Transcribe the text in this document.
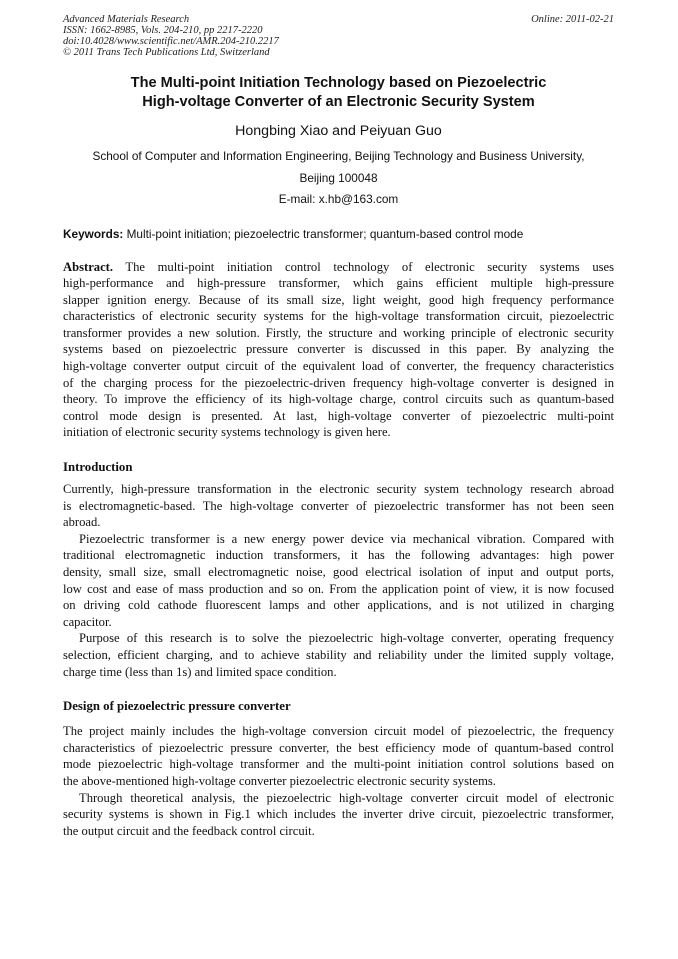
Advanced Materials Research	Online: 2011-02-21
ISSN: 1662-8985, Vols. 204-210, pp 2217-2220
doi:10.4028/www.scientific.net/AMR.204-210.2217
© 2011 Trans Tech Publications Ltd, Switzerland
The Multi-point Initiation Technology based on Piezoelectric
High-voltage Converter of an Electronic Security System
Hongbing Xiao and Peiyuan Guo
School of Computer and Information Engineering, Beijing Technology and Business University,
Beijing 100048
E-mail: x.hb@163.com
Keywords: Multi-point initiation; piezoelectric transformer; quantum-based control mode
Abstract. The multi-point initiation control technology of electronic security systems uses
high-performance and high-pressure transformer, which gains efficient multiple high-pressure
slapper ignition energy. Because of its small size, light weight, good high frequency performance
characteristics of electronic security systems for the high-voltage transformation circuit, piezoelectric
transformer provides a new solution. Firstly, the structure and working principle of electronic security
systems based on piezoelectric pressure converter is discussed in this paper. By analyzing the
high-voltage converter output circuit of the equivalent load of converter, the frequency characteristics
of the charging process for the piezoelectric-driven frequency high-voltage converter is designed in
theory. To improve the efficiency of its high-voltage charge, control circuits such as quantum-based
control mode design is presented. At last, high-voltage converter of piezoelectric multi-point
initiation of electronic security systems technology is given here.
Introduction
Currently, high-pressure transformation in the electronic security system technology research abroad
is electromagnetic-based. The high-voltage converter of piezoelectric transformer has not been seen
abroad.
Piezoelectric transformer is a new energy power device via mechanical vibration. Compared with
traditional electromagnetic induction transformers, it has the following advantages: high power
density, small size, small electromagnetic noise, good electrical isolation of input and output ports,
low cost and ease of mass production and so on. From the application point of view, it is now focused
on driving cold cathode fluorescent lamps and other applications, and is not utilized in charging
capacitor.
Purpose of this research is to solve the piezoelectric high-voltage converter, operating frequency
selection, efficient charging, and to achieve stability and reliability under the limited supply voltage,
charge time (less than 1s) and limited space condition.
Design of piezoelectric pressure converter
The project mainly includes the high-voltage conversion circuit model of piezoelectric, the frequency
characteristics of piezoelectric pressure converter, the best efficiency mode of quantum-based control
mode piezoelectric high-voltage transformer and the multi-point initiation control solutions based on
the above-mentioned high-voltage converter piezoelectric electronic security systems.
Through theoretical analysis, the piezoelectric high-voltage converter circuit model of electronic
security systems is shown in Fig.1 which includes the inverter drive circuit, piezoelectric transformer,
the output circuit and the feedback control circuit.
